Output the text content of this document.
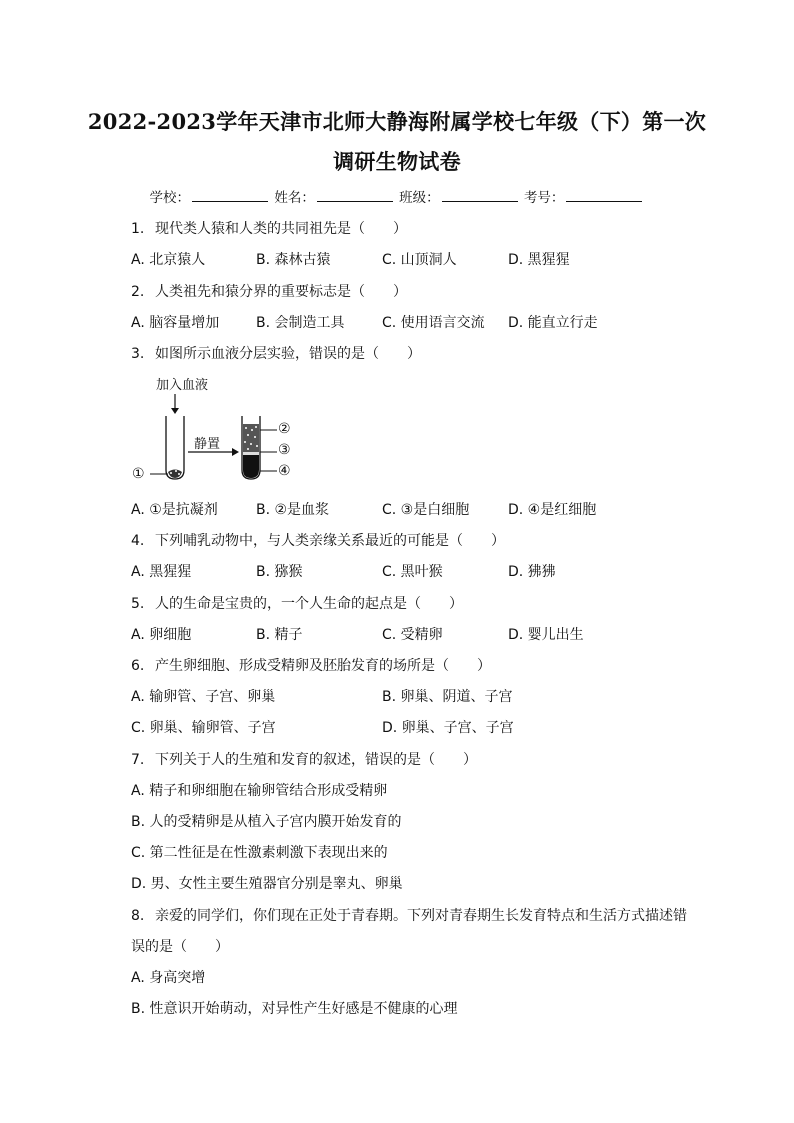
2022-2023学年天津市北师大静海附属学校七年级（下）第一次
调研生物试卷
学校：	姓名：	班级：	考号：
1. 现代类人猿和人类的共同祖先是（　　）
A. 北京猿人	B. 森林古猿	C. 山顶洞人	D. 黑猩猩
2. 人类祖先和猿分界的重要标志是（　　）
A. 脑容量增加	B. 会制造工具	C. 使用语言交流 D. 能直立行走
3. 如图所示血液分层实验，错误的是（　　）
加入血液
静置
①
②
③
④
A. ①是抗凝剂	B. ②是血浆	C. ③是白细胞	D. ④是红细胞
4. 下列哺乳动物中，与人类亲缘关系最近的可能是（　　）
A. 黑猩猩	B. 猕猴	C. 黑叶猴	D. 狒狒
5. 人的生命是宝贵的，一个人生命的起点是（　　）
A. 卵细胞	B. 精子	C. 受精卵	D. 婴儿出生
6. 产生卵细胞、形成受精卵及胚胎发育的场所是（　　）
A. 输卵管、子宫、卵巢	B. 卵巢、阴道、子宫
C. 卵巢、输卵管、子宫	D. 卵巢、子宫、子宫
7. 下列关于人的生殖和发育的叙述，错误的是（　　）
A. 精子和卵细胞在输卵管结合形成受精卵
B. 人的受精卵是从植入子宫内膜开始发育的
C. 第二性征是在性激素刺激下表现出来的
D. 男、女性主要生殖器官分别是睾丸、卵巢
8. 亲爱的同学们，你们现在正处于青春期。下列对青春期生长发育特点和生活方式描述错
误的是（　　）
A. 身高突增
B. 性意识开始萌动，对异性产生好感是不健康的心理
